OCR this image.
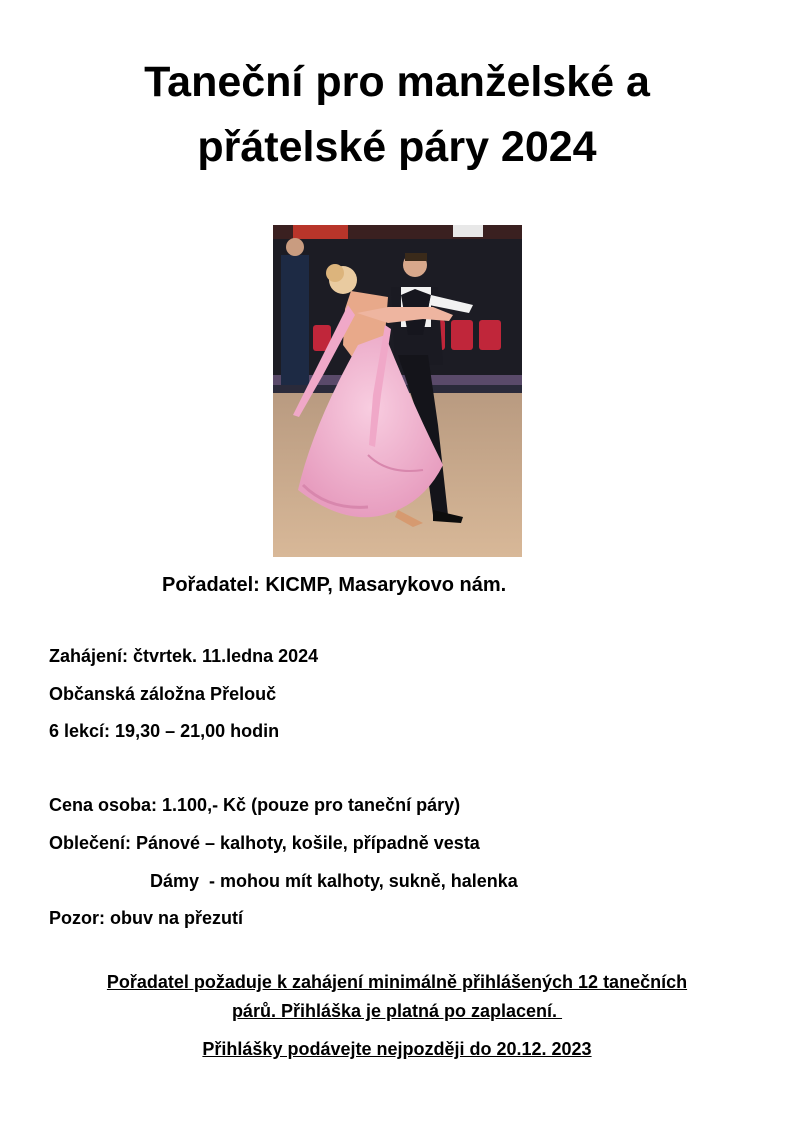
Taneční pro manželské a
přátelské páry 2024
Pořadatel: KICMP, Masarykovo nám.
Zahájení: čtvrtek. 11.ledna 2024
Občanská záložna Přelouč
6 lekcí: 19,30 – 21,00 hodin
Cena osoba: 1.100,- Kč (pouze pro taneční páry)
Oblečení: Pánové – kalhoty, košile, případně vesta
Dámy  - mohou mít kalhoty, sukně, halenka
Pozor: obuv na přezutí
Pořadatel požaduje k zahájení minimálně přihlášených 12 tanečních
párů. Přihláška je platná po zaplacení.
Přihlášky podávejte nejpozději do 20.12. 2023
